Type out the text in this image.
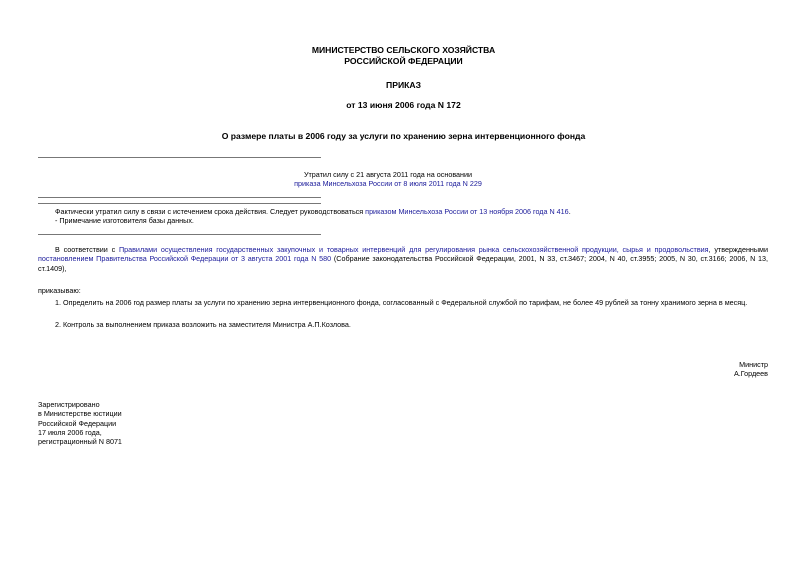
МИНИСТЕРСТВО СЕЛЬСКОГО ХОЗЯЙСТВА
РОССИЙСКОЙ ФЕДЕРАЦИИ
ПРИКАЗ
от 13 июня 2006 года N 172
О размере платы в 2006 году за услуги по хранению зерна интервенционного фонда
Утратил силу с 21 августа 2011 года на основании
приказа Минсельхоза России от 8 июля 2011 года N 229
Фактически утратил силу в связи с истечением срока действия. Следует руководствоваться приказом Минсельхоза России от 13 ноября 2006 года N 416.
- Примечание изготовителя базы данных.
В соответствии с Правилами осуществления государственных закупочных и товарных интервенций для регулирования рынка сельскохозяйственной продукции, сырья и продовольствия, утвержденными постановлением Правительства Российской Федерации от 3 августа 2001 года N 580 (Собрание законодательства Российской Федерации, 2001, N 33, ст.3467; 2004, N 40, ст.3955; 2005, N 30, ст.3166; 2006, N 13, ст.1409),
приказываю:
1. Определить на 2006 год размер платы за услуги по хранению зерна интервенционного фонда, согласованный с Федеральной службой по тарифам, не более 49 рублей за тонну хранимого зерна в месяц.
2. Контроль за выполнением приказа возложить на заместителя Министра А.П.Козлова.
Министр
А.Гордеев
Зарегистрировано
в Министерстве юстиции
Российской Федерации
17 июля 2006 года,
регистрационный N 8071
